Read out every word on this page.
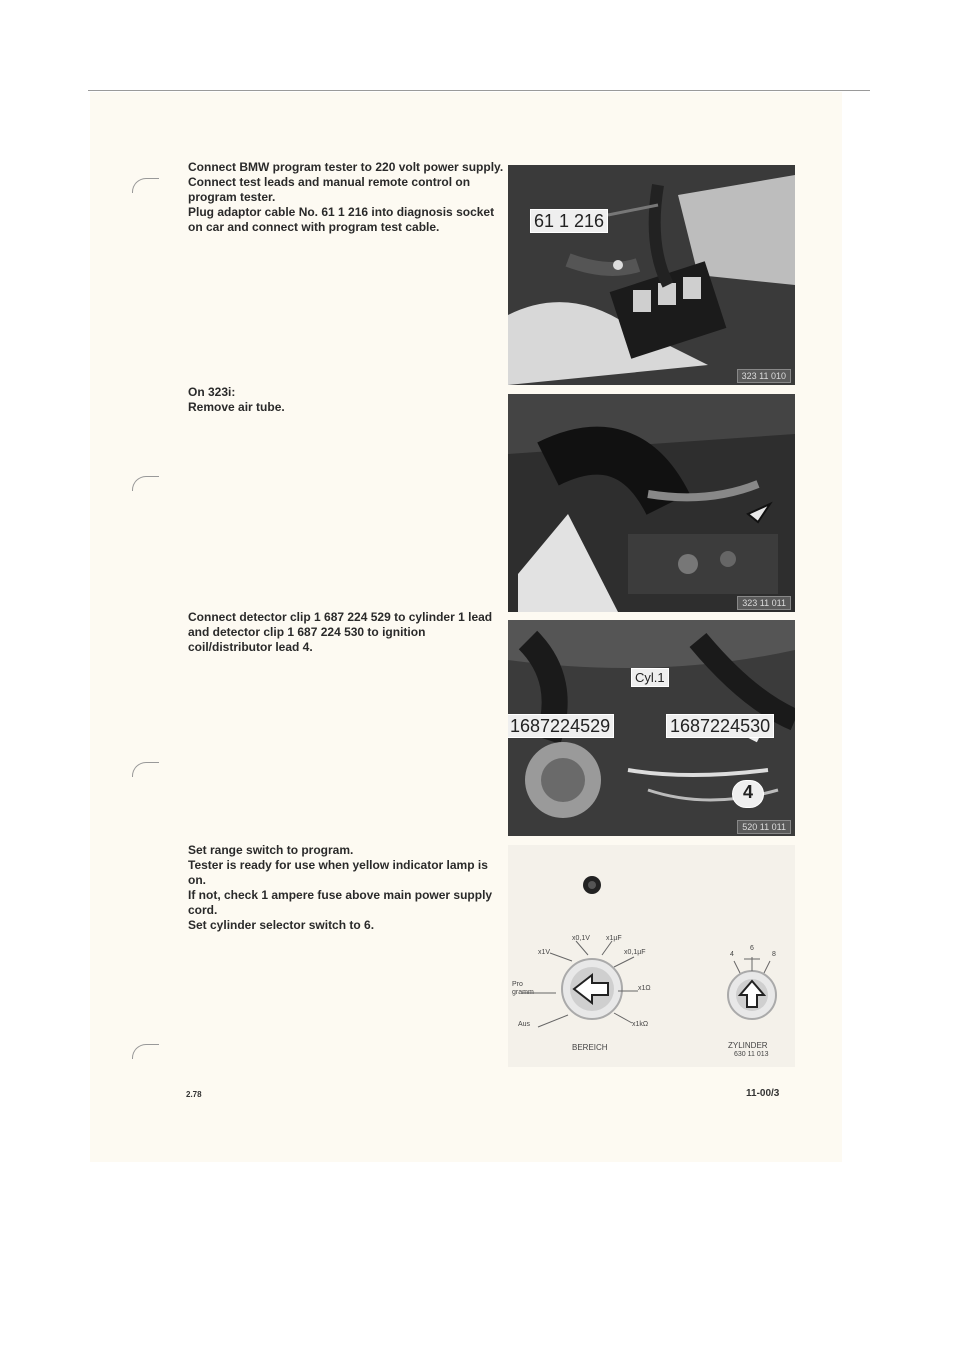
Connect BMW program tester to 220 volt power supply.

Connect test leads and manual remote control on program tester.

Plug adaptor cable No. 61 1 216 into diagnosis socket on car and connect with program test cable.	61 1 216
323 11 010

On 323i:

Remove air tube.

323 11 011

Connect detector clip 1 687 224 529 to cylinder 1 lead and detector clip 1 687 224 530 to ignition coil/distributor lead 4.

Cyl.1
1687224529	1687224530
4
520 11 011

Set range switch to program.

Tester is ready for use when yellow indicator lamp is on.

If not, check 1 ampere fuse above main power supply cord.

Set cylinder selector switch to 6.

x0,1V x1µF
x1V	x0,1µF
Pro gramm
x1Ω
Aus	x1kΩ
BEREICH
4
6
8
ZYLINDER
630 11 013
2.78	11-00/3
